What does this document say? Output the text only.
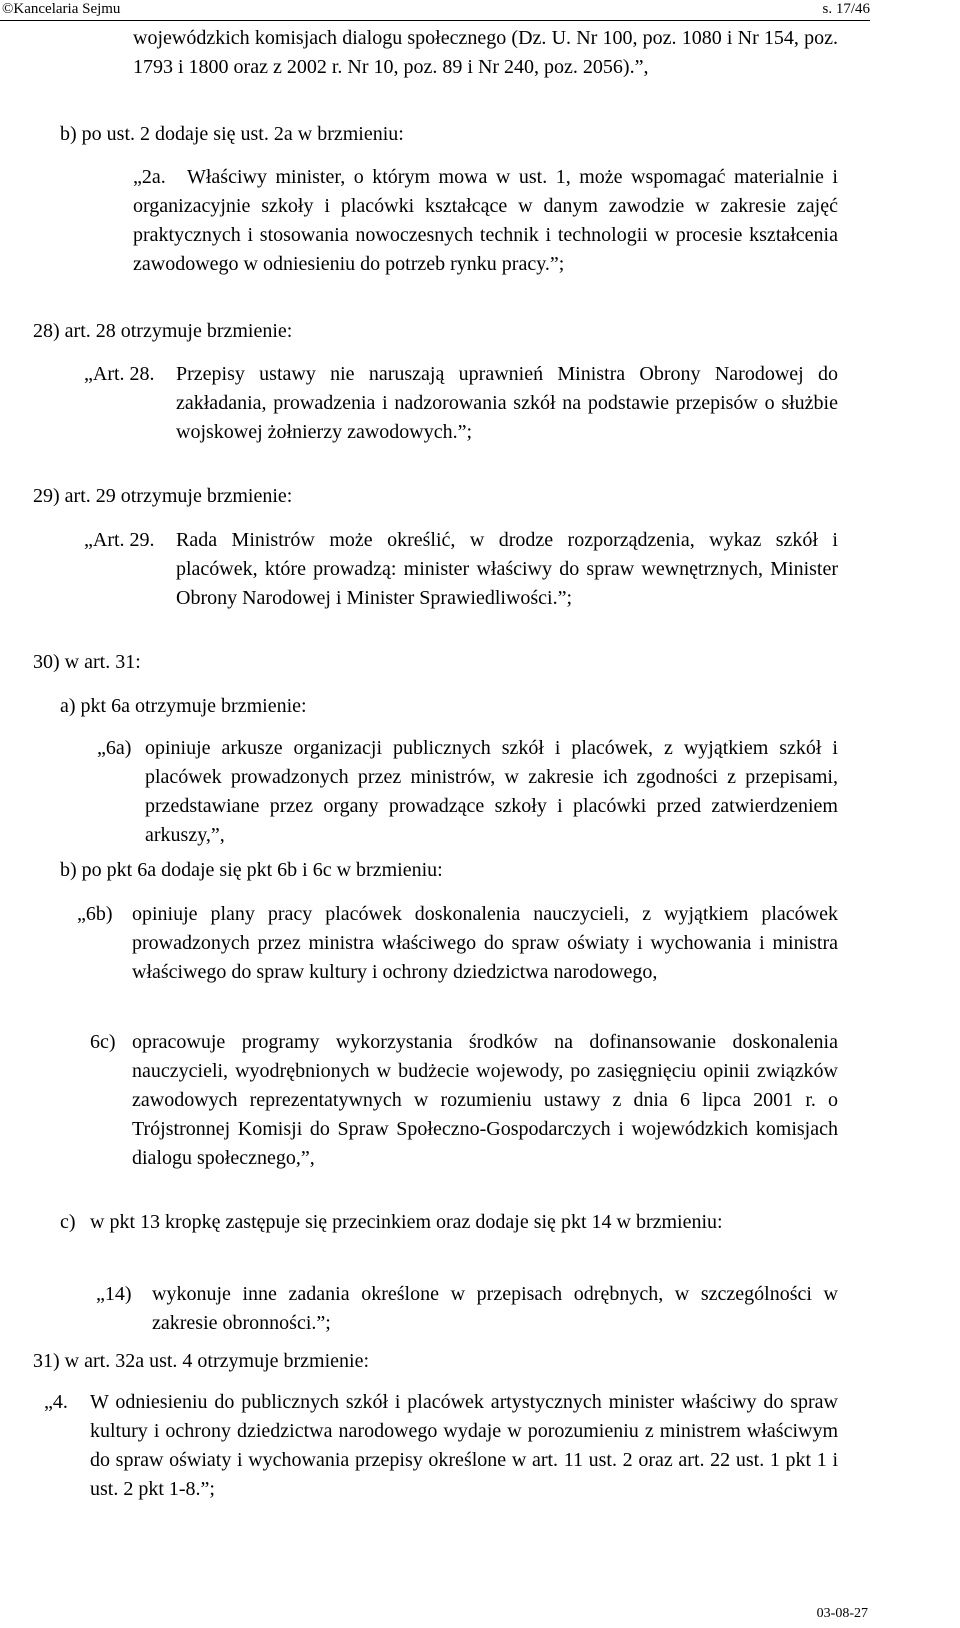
©Kancelaria Sejmu	s. 17/46
wojewódzkich komisjach dialogu społecznego (Dz. U. Nr 100, poz. 1080 i Nr 154, poz. 1793 i 1800 oraz z 2002 r. Nr 10, poz. 89 i Nr 240, poz. 2056).”,
b) po ust. 2 dodaje się ust. 2a w brzmieniu:
„2a.	Właściwy minister, o którym mowa w ust. 1, może wspomagać materialnie i organizacyjnie szkoły i placówki kształcące w danym zawodzie w zakresie zajęć praktycznych i stosowania nowoczesnych technik i technologii w procesie kształcenia zawodowego w odniesieniu do potrzeb rynku pracy.”;
28) art. 28 otrzymuje brzmienie:
„Art. 28. Przepisy ustawy nie naruszają uprawnień Ministra Obrony Narodowej do zakładania, prowadzenia i nadzorowania szkół na podstawie przepisów o służbie wojskowej żołnierzy zawodowych.”;
29) art. 29 otrzymuje brzmienie:
„Art. 29. Rada Ministrów może określić, w drodze rozporządzenia, wykaz szkół i placówek, które prowadzą: minister właściwy do spraw wewnętrznych, Minister Obrony Narodowej i Minister Sprawiedliwości.”;
30) w art. 31:
a) pkt 6a otrzymuje brzmienie:
„6a) opiniuje arkusze organizacji publicznych szkół i placówek, z wyjątkiem szkół i placówek prowadzonych przez ministrów, w zakresie ich zgodności z przepisami, przedstawiane przez organy prowadzące szkoły i placówki przed zatwierdzeniem arkuszy,”,
b) po pkt 6a dodaje się pkt 6b i 6c w brzmieniu:
„6b) opiniuje plany pracy placówek doskonalenia nauczycieli, z wyjątkiem placówek prowadzonych przez ministra właściwego do spraw oświaty i wychowania i ministra właściwego do spraw kultury i ochrony dziedzictwa narodowego,
6c) opracowuje programy wykorzystania środków na dofinansowanie doskonalenia nauczycieli, wyodrębnionych w budżecie wojewody, po zasięgnięciu opinii związków zawodowych reprezentatywnych w rozumieniu ustawy z dnia 6 lipca 2001 r. o Trójstronnej Komisji do Spraw Społeczno-Gospodarczych i wojewódzkich komisjach dialogu społecznego,”,
c) w pkt 13 kropkę zastępuje się przecinkiem oraz dodaje się pkt 14 w brzmieniu:
„14) wykonuje inne zadania określone w przepisach odrębnych, w szczególności w zakresie obronności.”;
31) w art. 32a ust. 4 otrzymuje brzmienie:
„4. W odniesieniu do publicznych szkół i placówek artystycznych minister właściwy do spraw kultury i ochrony dziedzictwa narodowego wydaje w porozumieniu z ministrem właściwym do spraw oświaty i wychowania przepisy określone w art. 11 ust. 2 oraz art. 22 ust. 1 pkt 1 i ust. 2 pkt 1-8.”;
03-08-27
